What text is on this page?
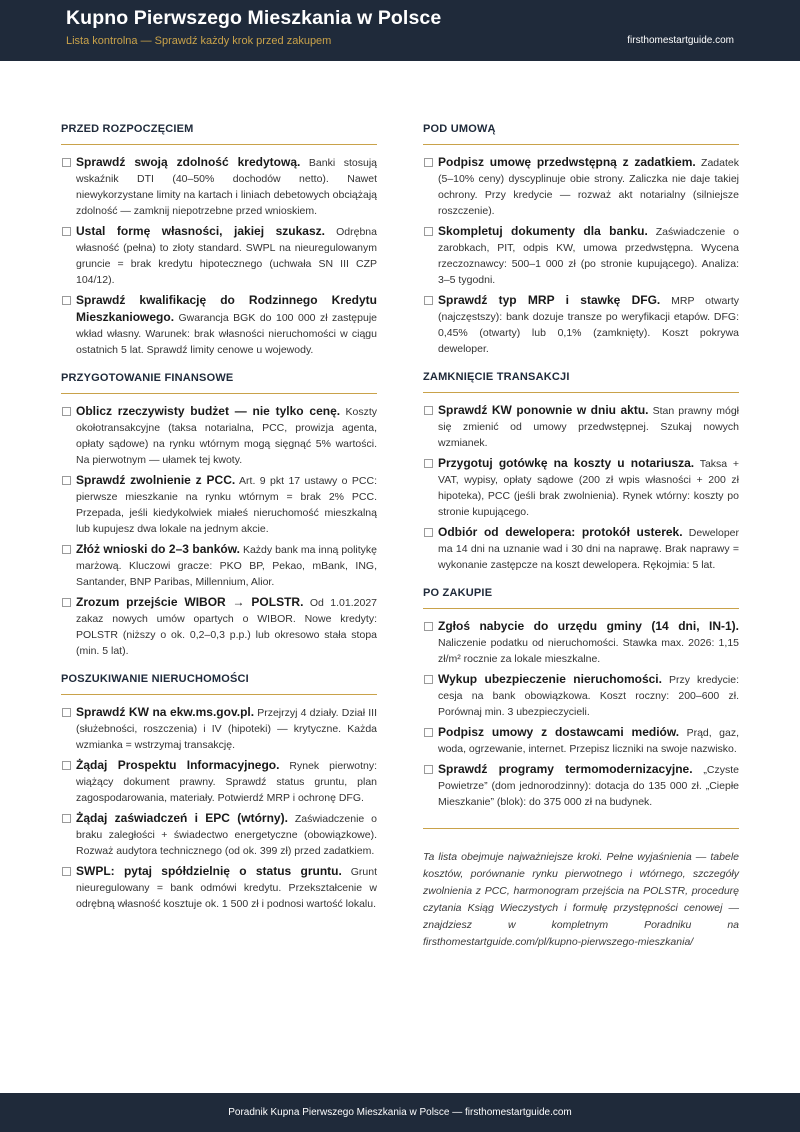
Kupno Pierwszego Mieszkania w Polsce
Lista kontrolna — Sprawdź każdy krok przed zakupem	firsthomestartguide.com
PRZED ROZPOCZĘCIEM
Sprawdź swoją zdolność kredytową. Banki stosują wskaźnik DTI (40–50% dochodów netto). Nawet niewykorzystane limity na kartach i liniach debetowych obciążają zdolność — zamknij niepotrzebne przed wnioskiem.
Ustal formę własności, jakiej szukasz. Odrębna własność (pełna) to złoty standard. SWPL na nieuregulowanym gruncie = brak kredytu hipotecznego (uchwała SN III CZP 104/12).
Sprawdź kwalifikację do Rodzinnego Kredytu Mieszkaniowego. Gwarancja BGK do 100 000 zł zastępuje wkład własny. Warunek: brak własności nieruchomości w ciągu ostatnich 5 lat. Sprawdź limity cenowe u wojewody.
PRZYGOTOWANIE FINANSOWE
Oblicz rzeczywisty budżet — nie tylko cenę. Koszty okołotransakcyjne (taksa notarialna, PCC, prowizja agenta, opłaty sądowe) na rynku wtórnym mogą sięgnąć 5% wartości. Na pierwotnym — ułamek tej kwoty.
Sprawdź zwolnienie z PCC. Art. 9 pkt 17 ustawy o PCC: pierwsze mieszkanie na rynku wtórnym = brak 2% PCC. Przepada, jeśli kiedykolwiek miałeś nieruchomość mieszkalną lub kupujesz dwa lokale na jednym akcie.
Złóż wnioski do 2–3 banków. Każdy bank ma inną politykę marżową. Kluczowi gracze: PKO BP, Pekao, mBank, ING, Santander, BNP Paribas, Millennium, Alior.
Zrozum przejście WIBOR → POLSTR. Od 1.01.2027 zakaz nowych umów opartych o WIBOR. Nowe kredyty: POLSTR (niższy o ok. 0,2–0,3 p.p.) lub okresowo stała stopa (min. 5 lat).
POSZUKIWANIE NIERUCHOMOŚCI
Sprawdź KW na ekw.ms.gov.pl. Przejrzyj 4 działy. Dział III (służebności, roszczenia) i IV (hipoteki) — krytyczne. Każda wzmianka = wstrzymaj transakcję.
Żądaj Prospektu Informacyjnego. Rynek pierwotny: wiążący dokument prawny. Sprawdź status gruntu, plan zagospodarowania, materiały. Potwierdź MRP i ochronę DFG.
Żądaj zaświadczeń i EPC (wtórny). Zaświadczenie o braku zaległości + świadectwo energetyczne (obowiązkowe). Rozważ audytora technicznego (od ok. 399 zł) przed zadatkiem.
SWPL: pytaj spółdzielnię o status gruntu. Grunt nieuregulowany = bank odmówi kredytu. Przekształcenie w odrębną własność kosztuje ok. 1 500 zł i podnosi wartość lokalu.
POD UMOWĄ
Podpisz umowę przedwstępną z zadatkiem. Zadatek (5–10% ceny) dyscyplinuje obie strony. Zaliczka nie daje takiej ochrony. Przy kredycie — rozważ akt notarialny (silniejsze roszczenie).
Skompletuj dokumenty dla banku. Zaświadczenie o zarobkach, PIT, odpis KW, umowa przedwstępna. Wycena rzeczoznawcy: 500–1 000 zł (po stronie kupującego). Analiza: 3–5 tygodni.
Sprawdź typ MRP i stawkę DFG. MRP otwarty (najczęstszy): bank dozuje transze po weryfikacji etapów. DFG: 0,45% (otwarty) lub 0,1% (zamknięty). Koszt pokrywa deweloper.
ZAMKNIĘCIE TRANSAKCJI
Sprawdź KW ponownie w dniu aktu. Stan prawny mógł się zmienić od umowy przedwstępnej. Szukaj nowych wzmianek.
Przygotuj gotówkę na koszty u notariusza. Taksa + VAT, wypisy, opłaty sądowe (200 zł wpis własności + 200 zł hipoteka), PCC (jeśli brak zwolnienia). Rynek wtórny: koszty po stronie kupującego.
Odbiór od dewelopera: protokół usterek. Deweloper ma 14 dni na uznanie wad i 30 dni na naprawę. Brak naprawy = wykonanie zastępcze na koszt dewelopera. Rękojmia: 5 lat.
PO ZAKUPIE
Zgłoś nabycie do urzędu gminy (14 dni, IN-1). Naliczenie podatku od nieruchomości. Stawka max. 2026: 1,15 zł/m² rocznie za lokale mieszkalne.
Wykup ubezpieczenie nieruchomości. Przy kredycie: cesja na bank obowiązkowa. Koszt roczny: 200–600 zł. Porównaj min. 3 ubezpieczycieli.
Podpisz umowy z dostawcami mediów. Prąd, gaz, woda, ogrzewanie, internet. Przepisz liczniki na swoje nazwisko.
Sprawdź programy termomodernizacyjne. „Czyste Powietrze” (dom jednorodzinny): dotacja do 135 000 zł. „Ciepłe Mieszkanie” (blok): do 375 000 zł na budynek.
Ta lista obejmuje najważniejsze kroki. Pełne wyjaśnienia — tabele kosztów, porównanie rynku pierwotnego i wtórnego, szczegóły zwolnienia z PCC, harmonogram przejścia na POLSTR, procedurę czytania Ksiąg Wieczystych i formułę przystępności cenowej — znajdziesz w kompletnym Poradniku na firsthomestartguide.com/pl/kupno-pierwszego-mieszkania/
Poradnik Kupna Pierwszego Mieszkania w Polsce — firsthomestartguide.com
